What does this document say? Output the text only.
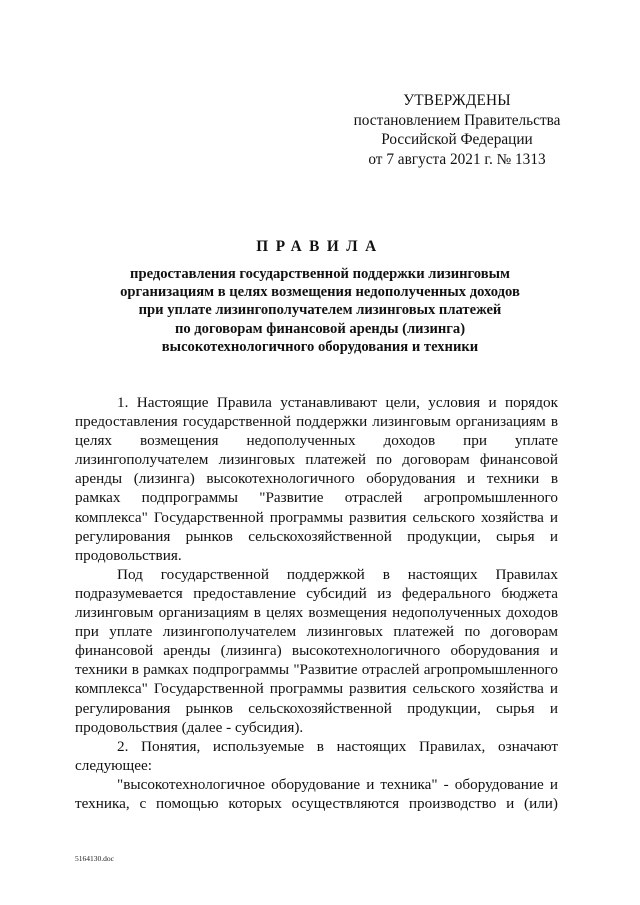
УТВЕРЖДЕНЫ
постановлением Правительства
Российской Федерации
от 7 августа 2021 г. № 1313
ПРАВИЛА
предоставления государственной поддержки лизинговым
организациям в целях возмещения недополученных доходов
при уплате лизингополучателем лизинговых платежей
по договорам финансовой аренды (лизинга)
высокотехнологичного оборудования и техники

1. Настоящие Правила устанавливают цели, условия и порядок предоставления государственной поддержки лизинговым организациям в целях возмещения недополученных доходов при уплате лизингополучателем лизинговых платежей по договорам финансовой аренды (лизинга) высокотехнологичного оборудования и техники в рамках подпрограммы "Развитие отраслей агропромышленного комплекса" Государственной программы развития сельского хозяйства и регулирования рынков сельскохозяйственной продукции, сырья и продовольствия.

Под государственной поддержкой в настоящих Правилах подразумевается предоставление субсидий из федерального бюджета лизинговым организациям в целях возмещения недополученных доходов при уплате лизингополучателем лизинговых платежей по договорам финансовой аренды (лизинга) высокотехнологичного оборудования и техники в рамках подпрограммы "Развитие отраслей агропромышленного комплекса" Государственной программы развития сельского хозяйства и регулирования рынков сельскохозяйственной продукции, сырья и продовольствия (далее - субсидия).

2. Понятия, используемые в настоящих Правилах, означают следующее:

"высокотехнологичное оборудование и техника" - оборудование и техника, с помощью которых осуществляются производство и (или)

5164130.doc
